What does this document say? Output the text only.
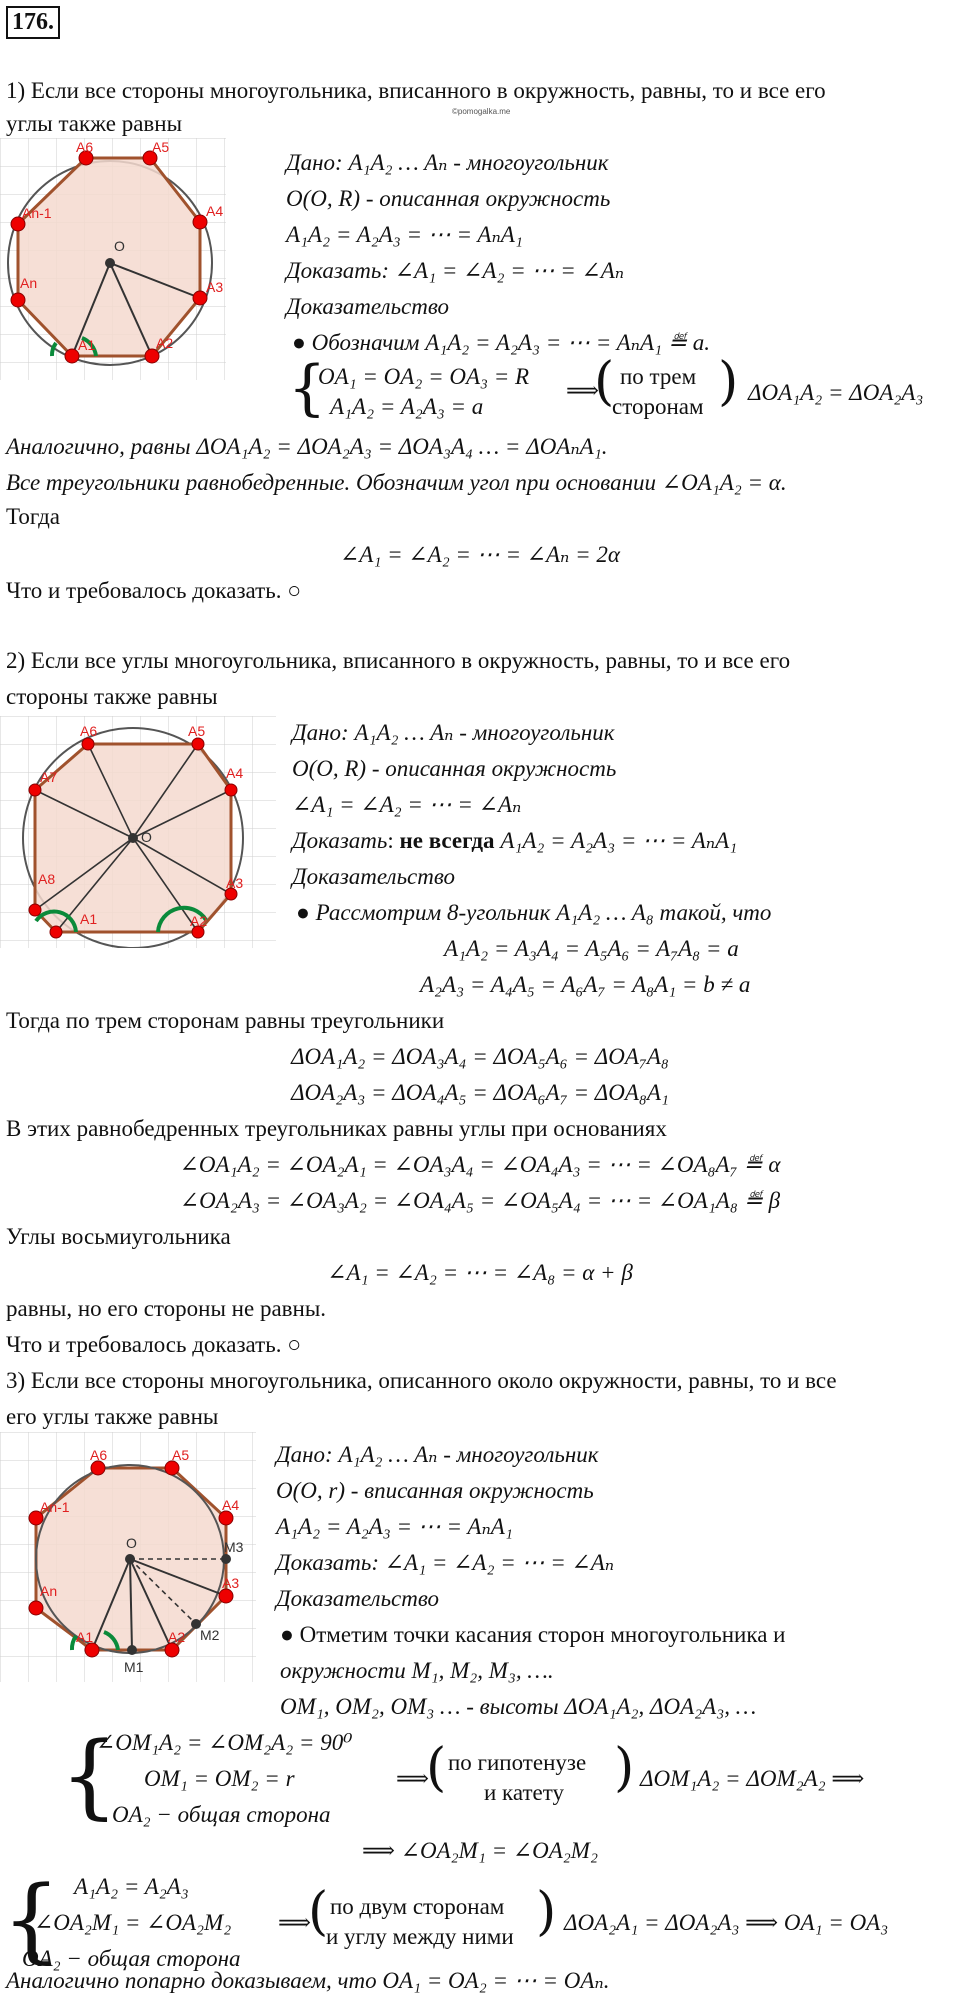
176.
©pomogalka.me
1) Если все стороны многоугольника, вписанного в окружность, равны, то и все его
углы также равны
A6	A5
A4
A3
A2
A1
An
An-1
O
Дано: A₁A₂ … Aₙ - многоугольник
O(O, R) - описанная окружность
A₁A₂ = A₂A₃ = ⋯ = AₙA₁
Доказать: ∠A₁ = ∠A₂ = ⋯ = ∠Aₙ
Доказательство
● Обозначим A₁A₂ = A₂A₃ = ⋯ = AₙA₁ ≝ a.
{
OA₁ = OA₂ = OA₃ = R
A₁A₂ = A₂A₃ = a
⟹
( по трем
сторонам ) ΔOA₁A₂ = ΔOA₂A₃
Аналогично, равны ΔOA₁A₂ = ΔOA₂A₃ = ΔOA₃A₄ … = ΔOAₙA₁.
Все треугольники равнобедренные. Обозначим угол при основании ∠OA₁A₂ = α.
Тогда
∠A₁ = ∠A₂ = ⋯ = ∠Aₙ = 2α
Что и требовалось доказать. ○
2) Если все углы многоугольника, вписанного в окружность, равны, то и все его
стороны также равны
A6	A5
A4
A3
A2
A1
A8
A7
O
Дано: A₁A₂ … Aₙ - многоугольник
O(O, R) - описанная окружность
∠A₁ = ∠A₂ = ⋯ = ∠Aₙ
Доказать: не всегда A₁A₂ = A₂A₃ = ⋯ = AₙA₁
Доказательство
● Рассмотрим 8-угольник A₁A₂ … A₈ такой, что
A₁A₂ = A₃A₄ = A₅A₆ = A₇A₈ = a
A₂A₃ = A₄A₅ = A₆A₇ = A₈A₁ = b ≠ a
Тогда по трем сторонам равны треугольники
ΔOA₁A₂ = ΔOA₃A₄ = ΔOA₅A₆ = ΔOA₇A₈
ΔOA₂A₃ = ΔOA₄A₅ = ΔOA₆A₇ = ΔOA₈A₁
В этих равнобедренных треугольниках равны углы при основаниях
∠OA₁A₂ = ∠OA₂A₁ = ∠OA₃A₄ = ∠OA₄A₃ = ⋯ = ∠OA₈A₇ ≝ α
∠OA₂A₃ = ∠OA₃A₂ = ∠OA₄A₅ = ∠OA₅A₄ = ⋯ = ∠OA₁A₈ ≝ β
Углы восьмиугольника
∠A₁ = ∠A₂ = ⋯ = ∠A₈ = α + β
равны, но его стороны не равны.
Что и требовалось доказать. ○
3) Если все стороны многоугольника, описанного около окружности, равны, то и все
его углы также равны
A6	A5
A4
A3
A2
A1
An
An-1
O
M1
M2
M3
Дано: A₁A₂ … Aₙ - многоугольник
O(O, r) - вписанная окружность
A₁A₂ = A₂A₃ = ⋯ = AₙA₁
Доказать: ∠A₁ = ∠A₂ = ⋯ = ∠Aₙ
Доказательство
● Отметим точки касания сторон многоугольника и
окружности M₁, M₂, M₃, ….
OM₁, OM₂, OM₃ … - высоты ΔOA₁A₂, ΔOA₂A₃, …
{
∠OM₁A₂ = ∠OM₂A₂ = 90⁰
OM₁ = OM₂ = r
OA₂ − общая сторона
⟹
( по гипотенузе
и катету ) ΔOM₁A₂ = ΔOM₂A₂ ⟹
⟹ ∠OA₂M₁ = ∠OA₂M₂
{ A₁A₂ = A₂A₃
∠OA₂M₁ = ∠OA₂M₂
OA₂ − общая сторона
⟹
( по двум сторонам
и углу между ними ) ΔOA₂A₁ = ΔOA₂A₃ ⟹ OA₁ = OA₃
Аналогично попарно доказываем, что OA₁ = OA₂ = ⋯ = OAₙ.
